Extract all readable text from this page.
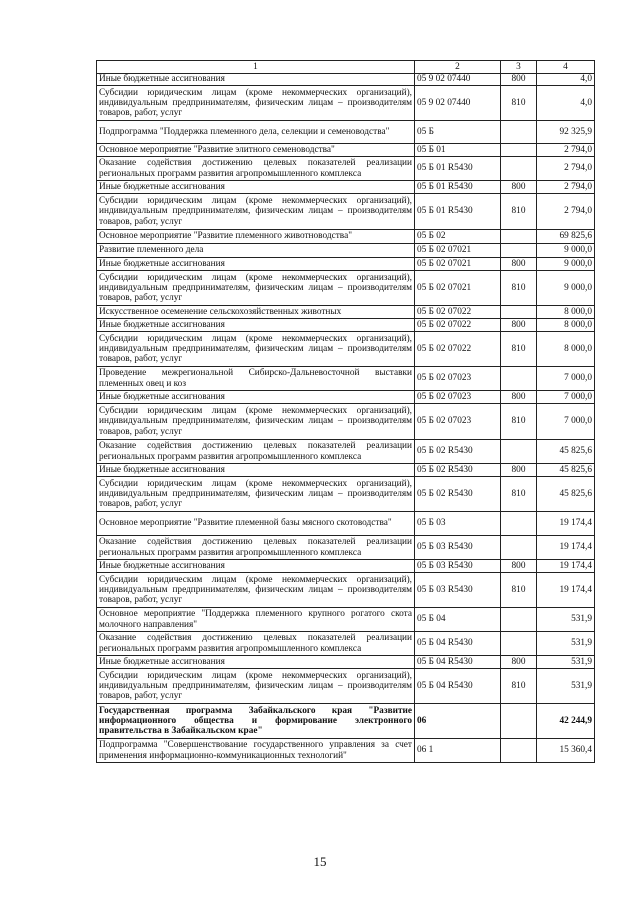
1	2	3	4
Иные бюджетные ассигнования	05 9 02 07440	800	4,0
Субсидии юридическим лицам (кроме некоммерческих организаций), индивидуальным предпринимателям, физическим лицам – производителям товаров, работ, услуг	05 9 02 07440	810	4,0
Подпрограмма "Поддержка племенного дела, селекции и семеноводства"	05 Б		92 325,9
Основное мероприятие "Развитие элитного семеноводства"	05 Б 01		2 794,0
Оказание содействия достижению целевых показателей реализации региональных программ развития агропромышленного комплекса	05 Б 01 R5430		2 794,0
Иные бюджетные ассигнования	05 Б 01 R5430	800	2 794,0
Субсидии юридическим лицам (кроме некоммерческих организаций), индивидуальным предпринимателям, физическим лицам – производителям товаров, работ, услуг	05 Б 01 R5430	810	2 794,0
Основное мероприятие "Развитие племенного животноводства"	05 Б 02		69 825,6
Развитие племенного дела	05 Б 02 07021		9 000,0
Иные бюджетные ассигнования	05 Б 02 07021	800	9 000,0
Субсидии юридическим лицам (кроме некоммерческих организаций), индивидуальным предпринимателям, физическим лицам – производителям товаров, работ, услуг	05 Б 02 07021	810	9 000,0
Искусственное осеменение сельскохозяйственных животных	05 Б 02 07022		8 000,0
Иные бюджетные ассигнования	05 Б 02 07022	800	8 000,0
Субсидии юридическим лицам (кроме некоммерческих организаций), индивидуальным предпринимателям, физическим лицам – производителям товаров, работ, услуг	05 Б 02 07022	810	8 000,0
Проведение межрегиональной Сибирско-Дальневосточной выставки племенных овец и коз	05 Б 02 07023		7 000,0
Иные бюджетные ассигнования	05 Б 02 07023	800	7 000,0
Субсидии юридическим лицам (кроме некоммерческих организаций), индивидуальным предпринимателям, физическим лицам – производителям товаров, работ, услуг	05 Б 02 07023	810	7 000,0
Оказание содействия достижению целевых показателей реализации региональных программ развития агропромышленного комплекса	05 Б 02 R5430		45 825,6
Иные бюджетные ассигнования	05 Б 02 R5430	800	45 825,6
Субсидии юридическим лицам (кроме некоммерческих организаций), индивидуальным предпринимателям, физическим лицам – производителям товаров, работ, услуг	05 Б 02 R5430	810	45 825,6
Основное мероприятие "Развитие племенной базы мясного скотоводства"	05 Б 03		19 174,4
Оказание содействия достижению целевых показателей реализации региональных программ развития агропромышленного комплекса	05 Б 03 R5430		19 174,4
Иные бюджетные ассигнования	05 Б 03 R5430	800	19 174,4
Субсидии юридическим лицам (кроме некоммерческих организаций), индивидуальным предпринимателям, физическим лицам – производителям товаров, работ, услуг	05 Б 03 R5430	810	19 174,4
Основное мероприятие "Поддержка племенного крупного рогатого скота молочного направления"	05 Б 04		531,9
Оказание содействия достижению целевых показателей реализации региональных программ развития агропромышленного комплекса	05 Б 04 R5430		531,9
Иные бюджетные ассигнования	05 Б 04 R5430	800	531,9
Субсидии юридическим лицам (кроме некоммерческих организаций), индивидуальным предпринимателям, физическим лицам – производителям товаров, работ, услуг	05 Б 04 R5430	810	531,9
Государственная программа Забайкальского края "Развитие информационного общества и формирование электронного правительства в Забайкальском крае"	06		42 244,9
Подпрограмма "Совершенствование государственного управления за счет применения информационно-коммуникационных технологий"	06 1		15 360,4
15
